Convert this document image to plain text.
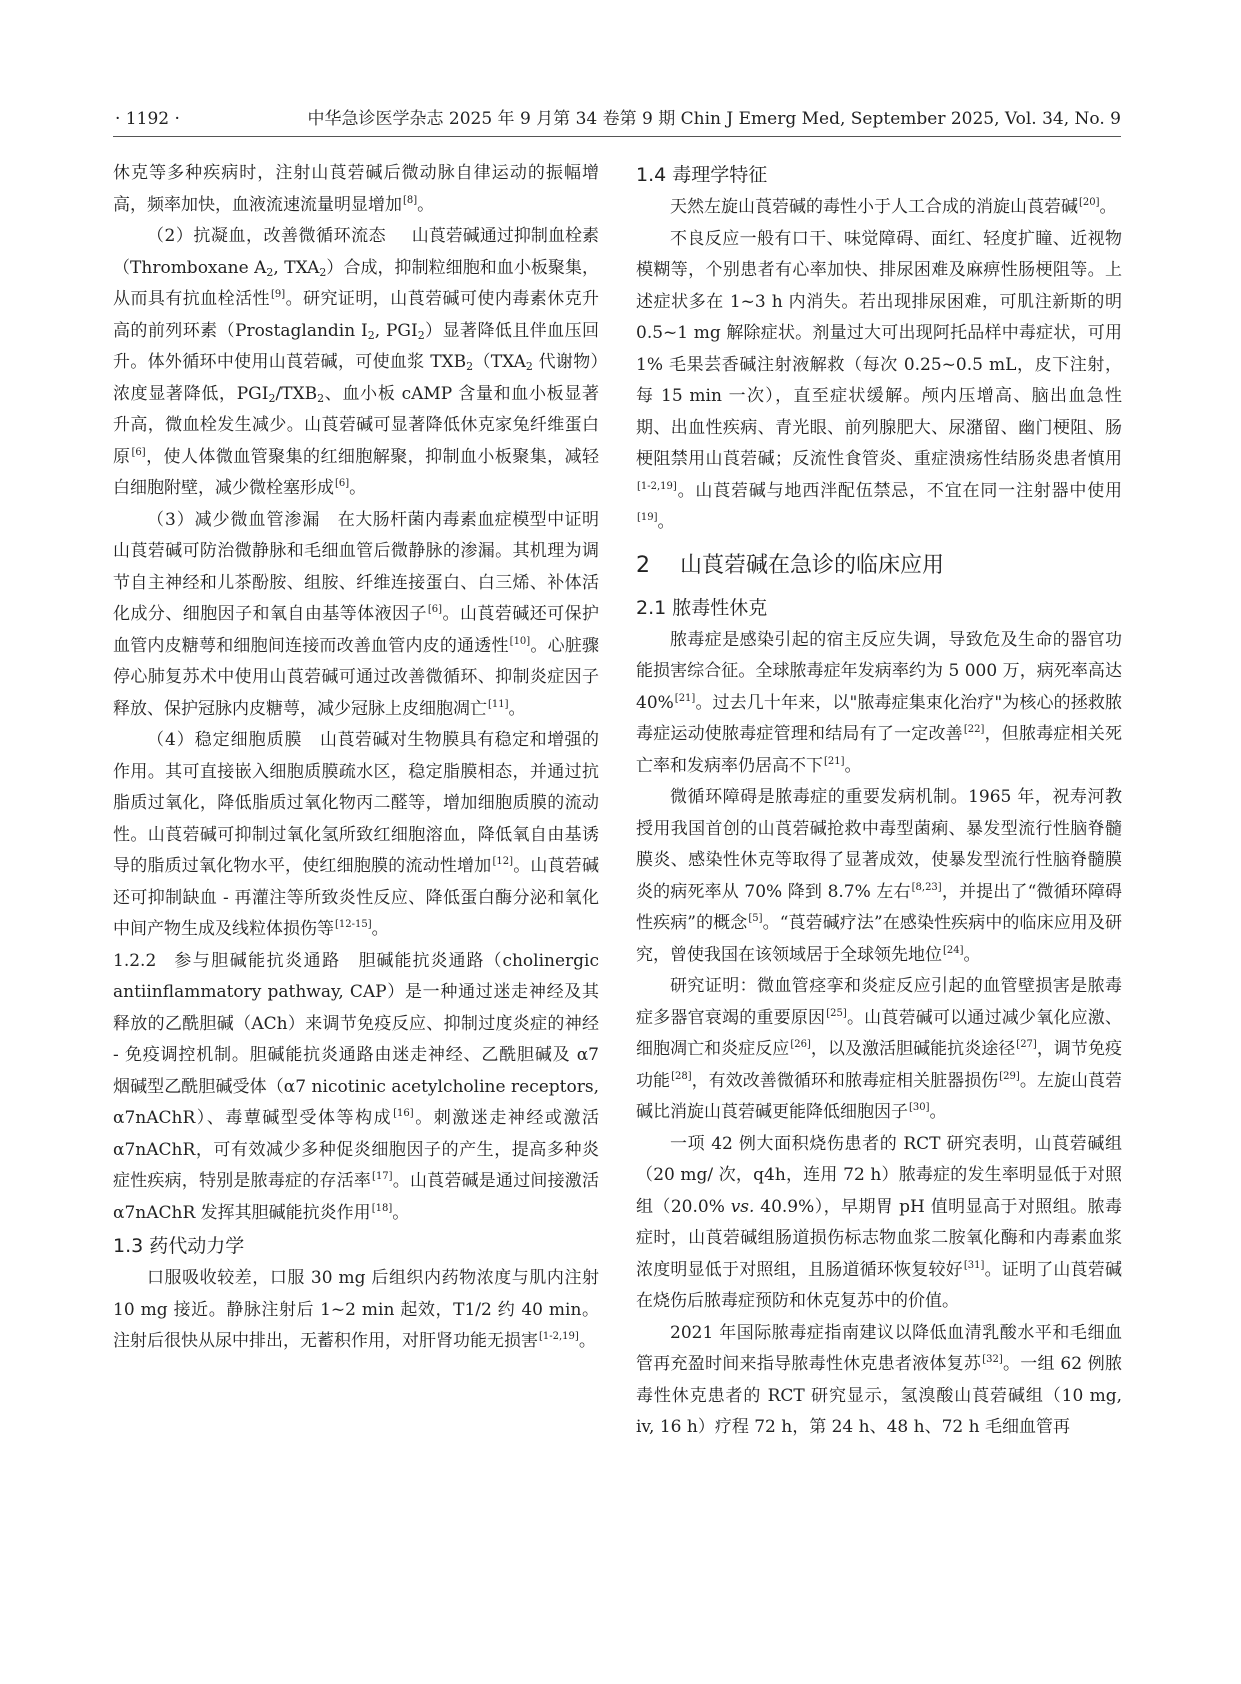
· 1192 ·	中华急诊医学杂志 2025 年 9 月第 34 卷第 9 期 Chin J Emerg Med, September 2025, Vol. 34, No. 9

休克等多种疾病时，注射山莨菪碱后微动脉自律运动的振幅增高，频率加快，血液流速流量明显增加[8]。

（2）抗凝血，改善微循环流态   山莨菪碱通过抑制血栓素（Thromboxane $A_2$, $TXA_2$）合成，抑制粒细胞和血小板聚集，从而具有抗血栓活性[9]。研究证明，山莨菪碱可使内毒素休克升高的前列环素（Prostaglandin $I_2$, $PGI_2$）显著降低且伴血压回升。体外循环中使用山莨菪碱，可使血浆 $TXB_2(TXA_2$ 代谢物）浓度显著降低，$PGI_2/TXB_2$、血小板 cAMP 含量和血小板显著升高，微血栓发生减少。山莨菪碱可显著降低休克家兔纤维蛋白原[6]，使人体微血管聚集的红细胞解聚，抑制血小板聚集，减轻白细胞附壁，减少微栓塞形成[6]。

（3）减少微血管渗漏  在大肠杆菌内毒素血症模型中证明山莨菪碱可防治微静脉和毛细血管后微静脉的渗漏。其机理为调节自主神经和儿茶酚胺、组胺、纤维连接蛋白、白三烯、补体活化成分、细胞因子和氧自由基等体液因子[6]。山莨菪碱还可保护血管内皮糖萼和细胞间连接而改善血管内皮的通透性[10]。心脏骤停心肺复苏术中使用山莨菪碱可通过改善微循环、抑制炎症因子释放、保护冠脉内皮糖萼，减少冠脉上皮细胞凋亡[11]。

（4）稳定细胞质膜  山莨菪碱对生物膜具有稳定和增强的作用。其可直接嵌入细胞质膜疏水区，稳定脂膜相态，并通过抗脂质过氧化，降低脂质过氧化物丙二醛等，增加细胞质膜的流动性。山莨菪碱可抑制过氧化氢所致红细胞溶血，降低氧自由基诱导的脂质过氧化物水平，使红细胞膜的流动性增加[12]。山莨菪碱还可抑制缺血 - 再灌注等所致炎性反应、降低蛋白酶分泌和氧化中间产物生成及线粒体损伤等[12-15]。

1.2.2  参与胆碱能抗炎通路  胆碱能抗炎通路（cholinergic antiinflammatory pathway, CAP）是一种通过迷走神经及其释放的乙酰胆碱（ACh）来调节免疫反应、抑制过度炎症的神经 - 免疫调控机制。胆碱能抗炎通路由迷走神经、乙酰胆碱及 α7 烟碱型乙酰胆碱受体（α7 nicotinic acetylcholine receptors, α7nAChR）、毒蕈碱型受体等构成[16]。刺激迷走神经或激活 α7nAChR，可有效减少多种促炎细胞因子的产生，提高多种炎症性疾病，特别是脓毒症的存活率[17]。山莨菪碱是通过间接激活 α7nAChR 发挥其胆碱能抗炎作用[18]。

1.3 药代动力学

口服吸收较差，口服 30 mg 后组织内药物浓度与肌内注射 10 mg 接近。静脉注射后 1~2 min 起效，T1/2 约 40 min。注射后很快从尿中排出，无蓄积作用，对肝肾功能无损害[1-2,19]。

1.4 毒理学特征

天然左旋山莨菪碱的毒性小于人工合成的消旋山莨菪碱[20]。

不良反应一般有口干、味觉障碍、面红、轻度扩瞳、近视物模糊等，个别患者有心率加快、排尿困难及麻痹性肠梗阻等。上述症状多在 1~3 h 内消失。若出现排尿困难，可肌注新斯的明 0.5~1 mg 解除症状。剂量过大可出现阿托品样中毒症状，可用 1% 毛果芸香碱注射液解救（每次 0.25~0.5 mL，皮下注射，每 15 min 一次），直至症状缓解。颅内压增高、脑出血急性期、出血性疾病、青光眼、前列腺肥大、尿潴留、幽门梗阻、肠梗阻禁用山莨菪碱；反流性食管炎、重症溃疡性结肠炎患者慎用[1-2,19]。山莨菪碱与地西泮配伍禁忌，不宜在同一注射器中使用[19]。

2 山莨菪碱在急诊的临床应用
2.1 脓毒性休克

脓毒症是感染引起的宿主反应失调，导致危及生命的器官功能损害综合征。全球脓毒症年发病率约为 5 000 万，病死率高达 40%[21]。过去几十年来，以"脓毒症集束化治疗"为核心的拯救脓毒症运动使脓毒症管理和结局有了一定改善[22]，但脓毒症相关死亡率和发病率仍居高不下[21]。

微循环障碍是脓毒症的重要发病机制。1965 年，祝寿河教授用我国首创的山莨菪碱抢救中毒型菌痢、暴发型流行性脑脊髓膜炎、感染性休克等取得了显著成效，使暴发型流行性脑脊髓膜炎的病死率从 70% 降到 8.7% 左右[8,23]，并提出了“微循环障碍性疾病”的概念[5]。“莨菪碱疗法”在感染性疾病中的临床应用及研究，曾使我国在该领域居于全球领先地位[24]。

研究证明：微血管痉挛和炎症反应引起的血管壁损害是脓毒症多器官衰竭的重要原因[25]。山莨菪碱可以通过减少氧化应激、细胞凋亡和炎症反应[26]，以及激活胆碱能抗炎途径[27]，调节免疫功能[28]，有效改善微循环和脓毒症相关脏器损伤[29]。左旋山莨菪碱比消旋山莨菪碱更能降低细胞因子[30]。

一项 42 例大面积烧伤患者的 RCT 研究表明，山莨菪碱组（20 mg/ 次，q4h，连用 72 h）脓毒症的发生率明显低于对照组（20.0% vs. 40.9%），早期胃 pH 值明显高于对照组。脓毒症时，山莨菪碱组肠道损伤标志物血浆二胺氧化酶和内毒素血浆浓度明显低于对照组，且肠道循环恢复较好[31]。证明了山莨菪碱在烧伤后脓毒症预防和休克复苏中的价值。

2021 年国际脓毒症指南建议以降低血清乳酸水平和毛细血管再充盈时间来指导脓毒性休克患者液体复苏[32]。一组 62 例脓毒性休克患者的 RCT 研究显示，氢溴酸山莨菪碱组（10 mg, iv, 16 h）疗程 72 h，第 24 h、48 h、72 h 毛细血管再
